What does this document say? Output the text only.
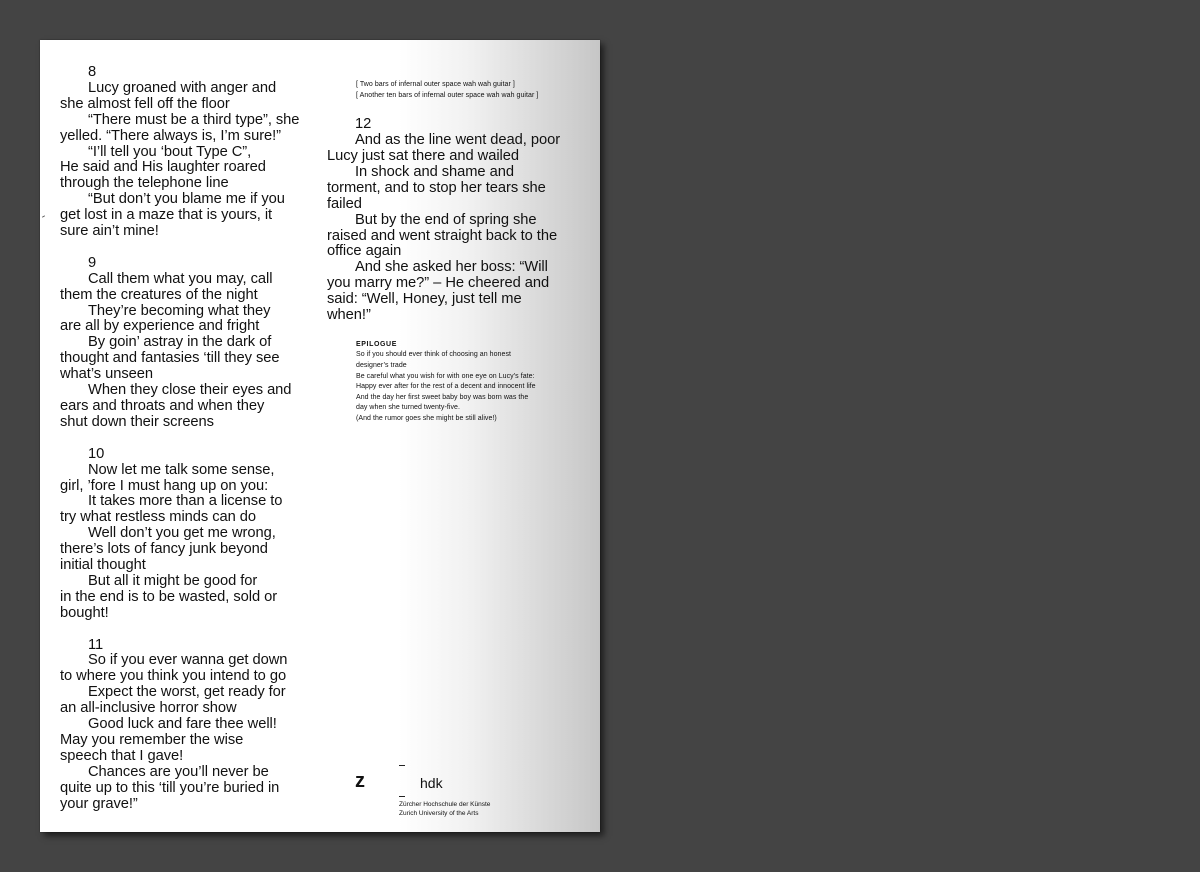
8

Lucy groaned with anger and

she almost fell off the floor

“There must be a third type”, she

yelled. “There always is, I’m sure!”

“I’ll tell you ‘bout Type C”,

He said and His laughter roared

through the telephone line

“But don’t you blame me if you

get lost in a maze that is yours, it

sure ain’t mine!

9

Call them what you may, call

them the creatures of the night

They’re becoming what they

are all by experience and fright

By goin’ astray in the dark of

thought and fantasies ‘till they see

what’s unseen

When they close their eyes and

ears and throats and when they

shut down their screens

10

Now let me talk some sense,

girl, ’fore I must hang up on you:

It takes more than a license to

try what restless minds can do

Well don’t you get me wrong,

there’s lots of fancy junk beyond

initial thought

But all it might be good for

in the end is to be wasted, sold or

bought!

11

So if you ever wanna get down

to where you think you intend to go

Expect the worst, get ready for

an all-inclusive horror show

Good luck and fare thee well!

May you remember the wise

speech that I gave!

Chances are you’ll never be

quite up to this ‘till you’re buried in

your grave!”

[ Two bars of infernal outer space wah wah guitar ]

[ Another ten bars of infernal outer space wah wah guitar ]

12

And as the line went dead, poor

Lucy just sat there and wailed

In shock and shame and

torment, and to stop her tears she

failed

But by the end of spring she

raised and went straight back to the

office again

And she asked her boss: “Will

you marry me?” – He cheered and

said: “Well, Honey, just tell me

when!”

EPILOGUE

So if you should ever think of choosing an honest

designer’s trade

Be careful what you wish for with one eye on Lucy’s fate:

Happy ever after for the rest of a decent and innocent life

And the day her first sweet baby boy was born was the

day when she turned twenty-five.

(And the rumor goes she might be still alive!)

z	hdk
Zürcher Hochschule der Künste
Zurich University of the Arts
